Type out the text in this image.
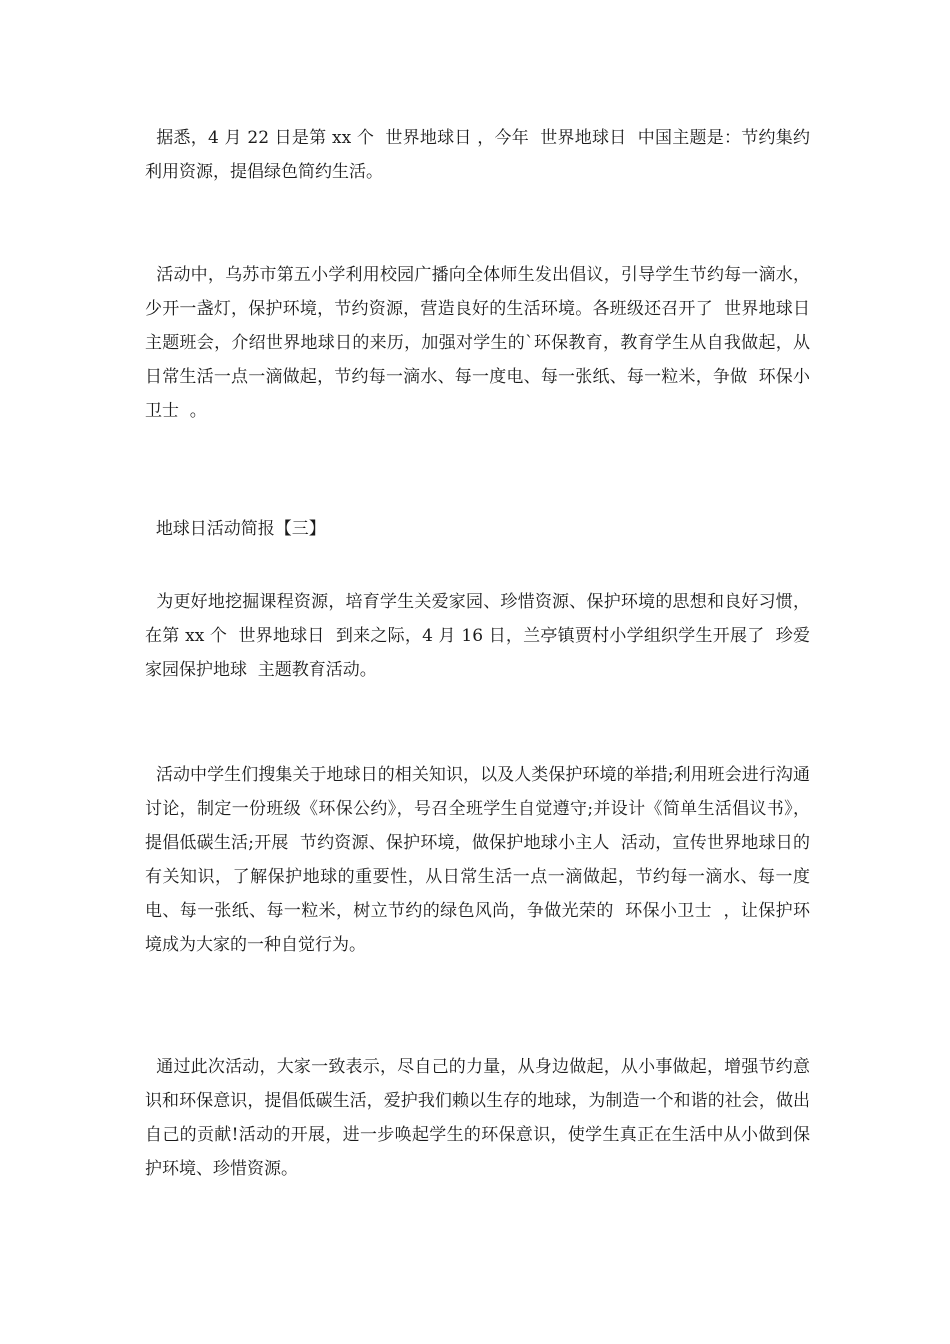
据悉，4 月 22 日是第 xx 个  世界地球日 ，今年  世界地球日  中国主题是：节约集约利用资源，提倡绿色简约生活。

活动中，乌苏市第五小学利用校园广播向全体师生发出倡议，引导学生节约每一滴水，少开一盏灯，保护环境，节约资源，营造良好的生活环境。各班级还召开了  世界地球日  主题班会，介绍世界地球日的来历，加强对学生的`环保教育，教育学生从自我做起，从日常生活一点一滴做起，节约每一滴水、每一度电、每一张纸、每一粒米，争做  环保小卫士  。

地球日活动简报【三】

为更好地挖掘课程资源，培育学生关爱家园、珍惜资源、保护环境的思想和良好习惯，在第 xx 个  世界地球日  到来之际，4 月 16 日，兰亭镇贾村小学组织学生开展了  珍爱家园保护地球  主题教育活动。

活动中学生们搜集关于地球日的相关知识，以及人类保护环境的举措;利用班会进行沟通讨论，制定一份班级《环保公约》，号召全班学生自觉遵守;并设计《简单生活倡议书》，提倡低碳生活;开展  节约资源、保护环境，做保护地球小主人  活动，宣传世界地球日的有关知识，了解保护地球的重要性，从日常生活一点一滴做起，节约每一滴水、每一度电、每一张纸、每一粒米，树立节约的绿色风尚，争做光荣的  环保小卫士  ，让保护环境成为大家的一种自觉行为。

通过此次活动，大家一致表示，尽自己的力量，从身边做起，从小事做起，增强节约意识和环保意识，提倡低碳生活，爱护我们赖以生存的地球，为制造一个和谐的社会，做出自己的贡献!活动的开展，进一步唤起学生的环保意识，使学生真正在生活中从小做到保护环境、珍惜资源。
